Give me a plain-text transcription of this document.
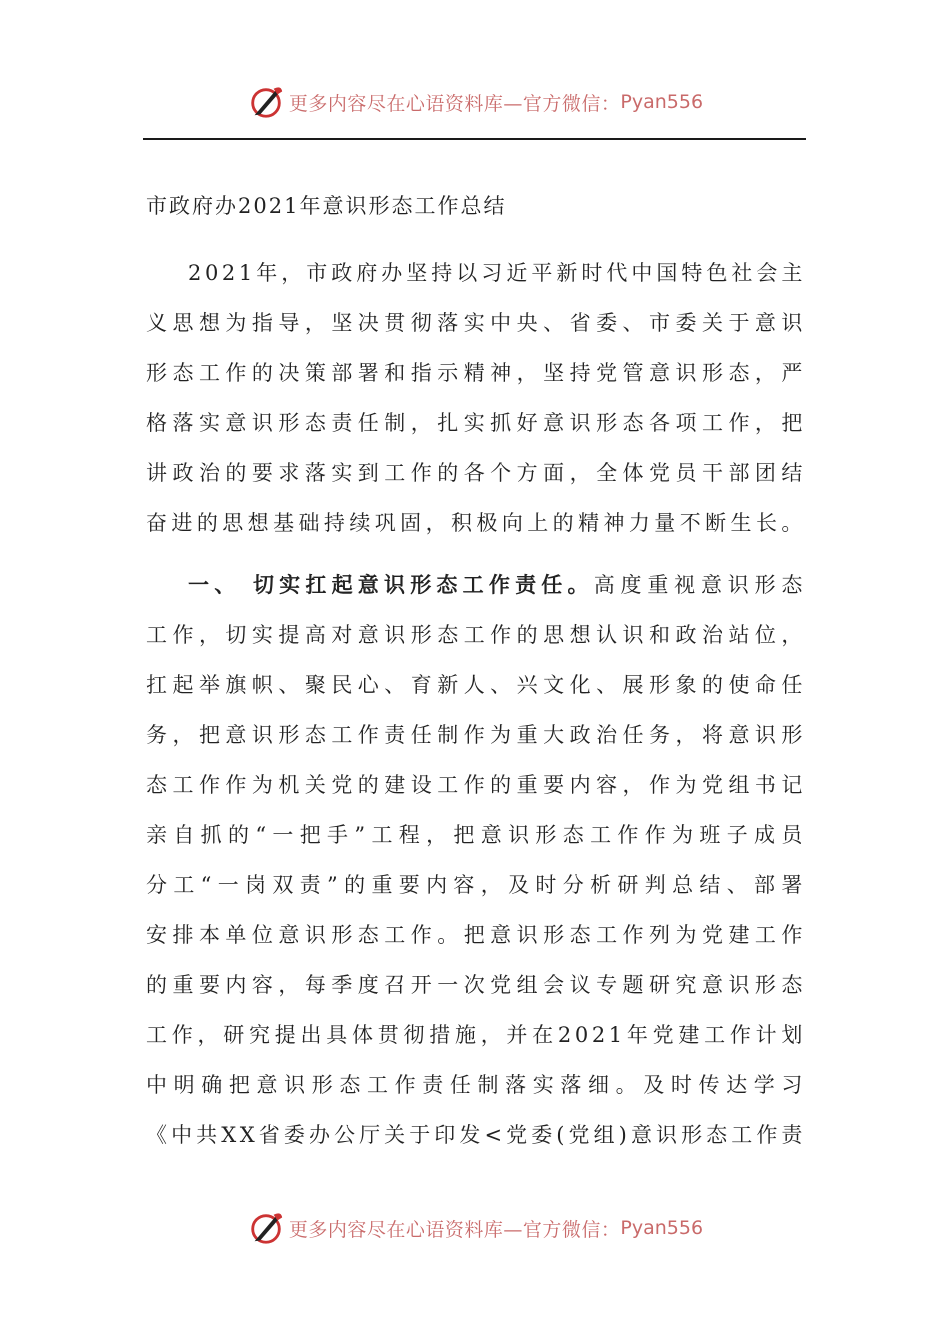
更多内容尽在心语资料库—官方微信： Pyan556

市政府办2021年意识形态工作总结

2021年，市政府办坚持以习近平新时代中国特色社会主
义思想为指导，坚决贯彻落实中央、省委、市委关于意识
形态工作的决策部署和指示精神，坚持党管意识形态，严
格落实意识形态责任制，扎实抓好意识形态各项工作，把
讲政治的要求落实到工作的各个方面，全体党员干部团结
奋进的思想基础持续巩固，积极向上的精神力量不断生长。
一、 切实扛起意识形态工作责任。高度重视意识形态
工作，切实提高对意识形态工作的思想认识和政治站位，
扛起举旗帜、聚民心、育新人、兴文化、展形象的使命任
务，把意识形态工作责任制作为重大政治任务，将意识形
态工作作为机关党的建设工作的重要内容，作为党组书记
亲自抓的“一把手”工程，把意识形态工作作为班子成员
分工“一岗双责”的重要内容，及时分析研判总结、部署
安排本单位意识形态工作。把意识形态工作列为党建工作
的重要内容，每季度召开一次党组会议专题研究意识形态
工作，研究提出具体贯彻措施，并在2021年党建工作计划
中明确把意识形态工作责任制落实落细。及时传达学习
《中共XX省委办公厅关于印发<党委(党组)意识形态工作责
更多内容尽在心语资料库—官方微信： Pyan556
